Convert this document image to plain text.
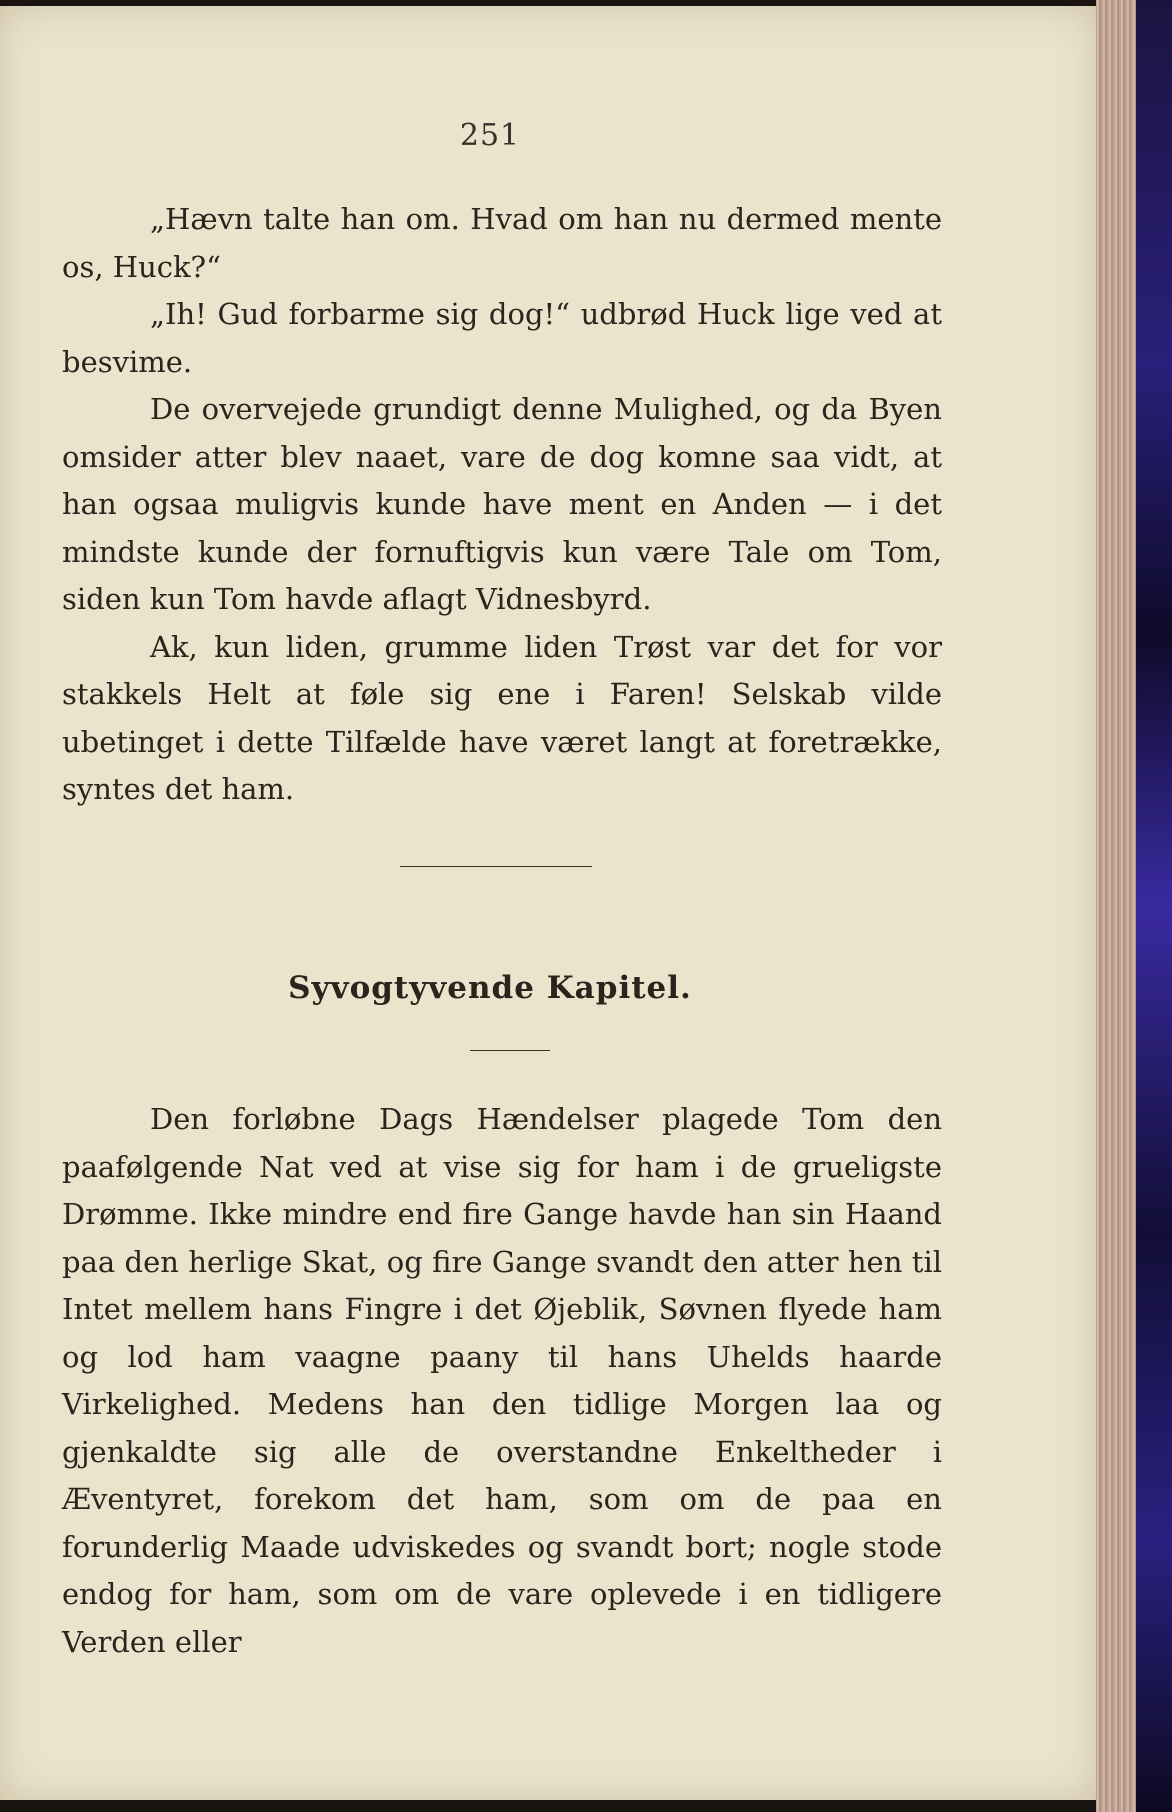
251

„Hævn talte han om. Hvad om han nu dermed mente os, Huck?“

„Ih! Gud forbarme sig dog!“ udbrød Huck lige ved at besvime.

De overvejede grundigt denne Mulighed, og da Byen omsider atter blev naaet, vare de dog komne saa vidt, at han ogsaa muligvis kunde have ment en Anden — i det mindste kunde der fornuftigvis kun være Tale om Tom, siden kun Tom havde aflagt Vidnesbyrd.

Ak, kun liden, grumme liden Trøst var det for vor stakkels Helt at føle sig ene i Faren! Selskab vilde ubetinget i dette Tilfælde have været langt at foretrække, syntes det ham.

Syvogtyvende Kapitel.

Den forløbne Dags Hændelser plagede Tom den paafølgende Nat ved at vise sig for ham i de grueligste Drømme. Ikke mindre end fire Gange havde han sin Haand paa den herlige Skat, og fire Gange svandt den atter hen til Intet mellem hans Fingre i det Øjeblik, Søvnen flyede ham og lod ham vaagne paany til hans Uhelds haarde Virkelighed. Medens han den tidlige Morgen laa og gjenkaldte sig alle de overstandne Enkeltheder i Æventyret, forekom det ham, som om de paa en forunderlig Maade udviskedes og svandt bort; nogle stode endog for ham, som om de vare oplevede i en tidligere Verden eller
